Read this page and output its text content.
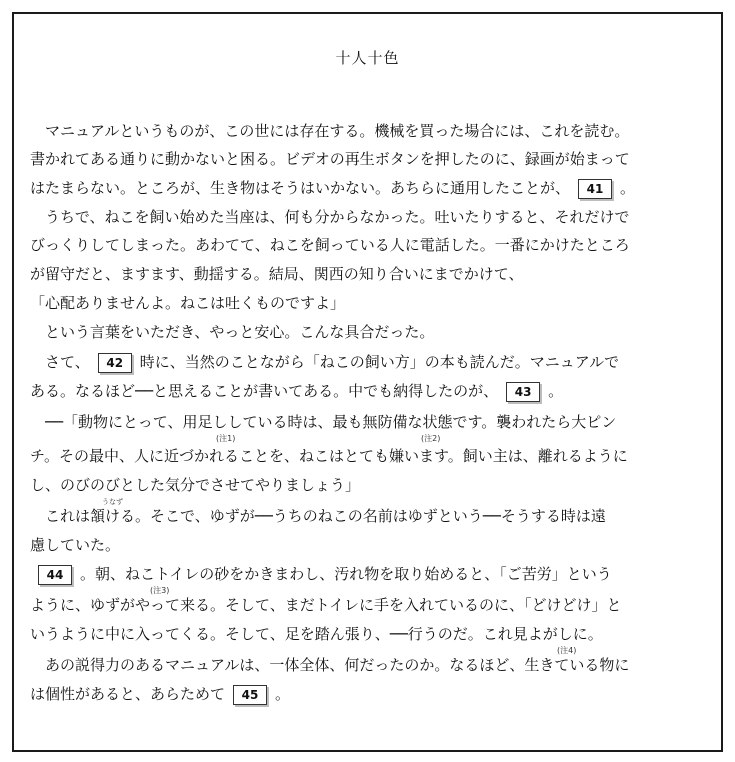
十人十色
マニュアルというものが、この世には存在する。機械を買った場合には、これを読む。
書かれてある通りに動かないと困る。ビデオの再生ボタンを押したのに、録画が始まって
はたまらない。ところが、生き物はそうはいかない。あちらに通用したことが、 41 。
うちで、ねこを飼い始めた当座は、何も分からなかった。吐いたりすると、それだけで
びっくりしてしまった。あわてて、ねこを飼っている人に電話した。一番にかけたところ
が留守だと、ますます、動揺する。結局、関西の知り合いにまでかけて、
「心配ありませんよ。ねこは吐くものですよ」
という言葉をいただき、やっと安心。こんな具合だった。
さて、 42 時に、当然のことながら「ねこの飼い方」の本も読んだ。マニュアルで
ある。なるほど──と思えることが書いてある。中でも納得したのが、 43 。
──「動物にとって、用足ししている時は、最も無防備な状態です。襲われたら大ピン
(注1)	(注2)
チ。その最中、人に近づかれることを、ねこはとても嫌います。飼い主は、離れるように
し、のびのびとした気分でさせてやりましょう」
うなず
これは頷ける。そこで、ゆずが──うちのねこの名前はゆずという──そうする時は遠
慮していた。
44 。朝、ねこトイレの砂をかきまわし、汚れ物を取り始めると、「ご苦労」という
(注3)
ように、ゆずがやって来る。そして、まだトイレに手を入れているのに、「どけどけ」と
いうように中に入ってくる。そして、足を踏ん張り、──行うのだ。これ見よがしに。
(注4)
あの説得力のあるマニュアルは、一体全体、何だったのか。なるほど、生きている物に
は個性があると、あらためて 45 。
